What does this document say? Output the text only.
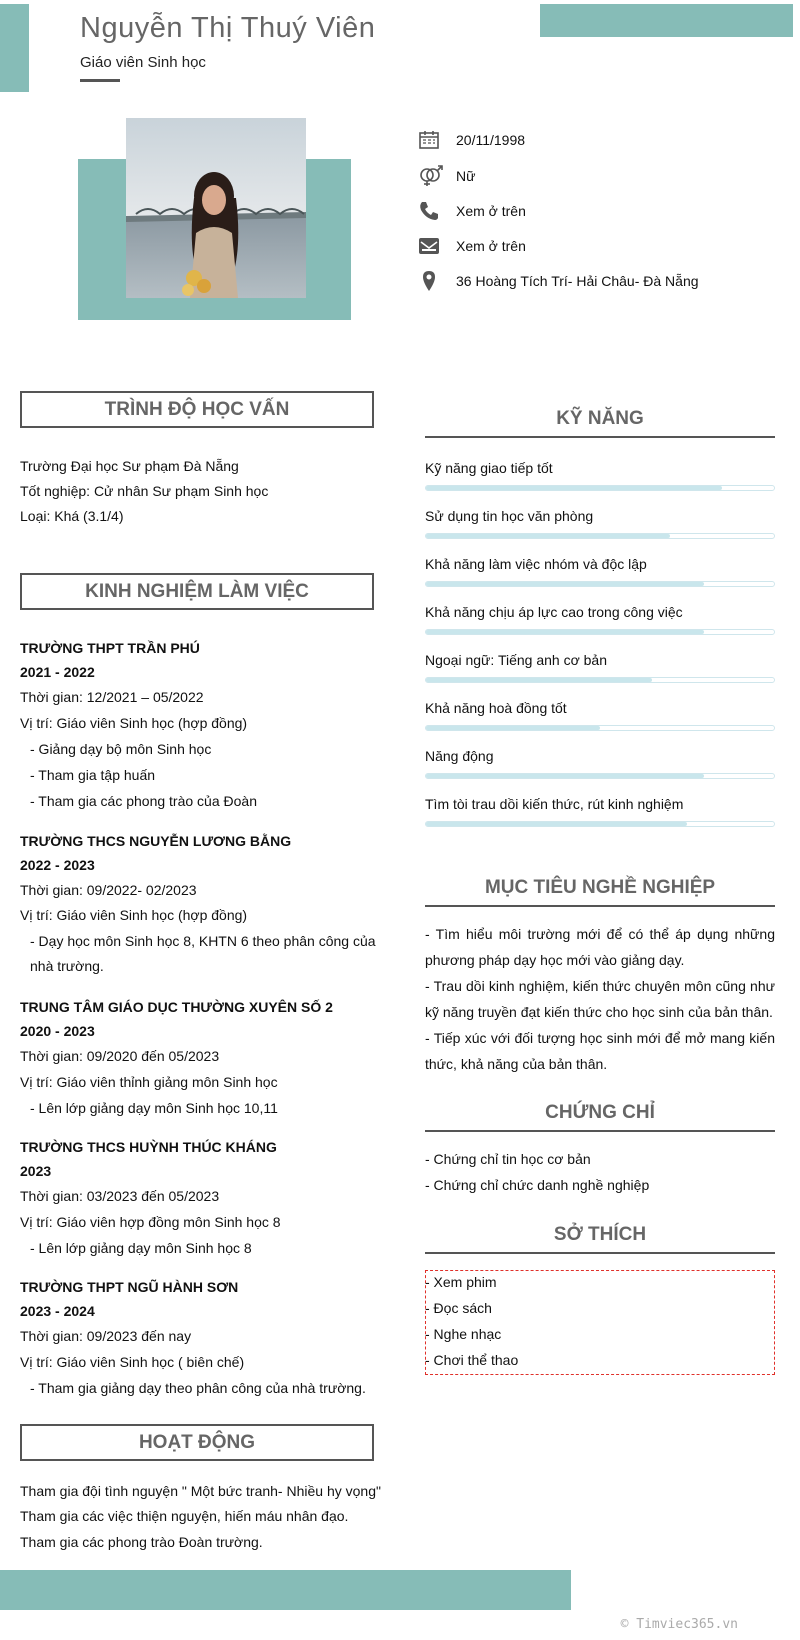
Nguyễn Thị Thuý Viên
Giáo viên Sinh học
20/11/1998
Nữ
Xem ở trên
Xem ở trên
36 Hoàng Tích Trí- Hải Châu- Đà Nẵng
TRÌNH ĐỘ HỌC VẤN
Trường Đại học Sư phạm Đà Nẵng
Tốt nghiệp: Cử nhân Sư phạm Sinh học
Loại: Khá (3.1/4)
KINH NGHIỆM LÀM VIỆC
TRƯỜNG THPT TRẦN PHÚ
2021 - 2022
Thời gian: 12/2021 – 05/2022
Vị trí: Giáo viên Sinh học (hợp đồng)
- Giảng dạy bộ môn Sinh học
- Tham gia tập huấn
- Tham gia các phong trào của Đoàn
TRƯỜNG THCS NGUYỄN LƯƠNG BẰNG
2022 - 2023
Thời gian: 09/2022- 02/2023
Vị trí: Giáo viên Sinh học (hợp đồng)
- Dạy học môn Sinh học 8, KHTN 6 theo phân công của
nhà trường.
TRUNG TÂM GIÁO DỤC THƯỜNG XUYÊN SỐ 2
2020 - 2023
Thời gian: 09/2020 đến 05/2023
Vị trí: Giáo viên thỉnh giảng môn Sinh học
- Lên lớp giảng dạy môn Sinh học 10,11
TRƯỜNG THCS HUỲNH THÚC KHÁNG
2023
Thời gian: 03/2023 đến 05/2023
Vị trí: Giáo viên hợp đồng môn Sinh học 8
- Lên lớp giảng dạy môn Sinh học 8
TRƯỜNG THPT NGŨ HÀNH SƠN
2023 - 2024
Thời gian: 09/2023 đến nay
Vị trí: Giáo viên Sinh học ( biên chế)
- Tham gia giảng dạy theo phân công của nhà trường.
HOẠT ĐỘNG
Tham gia đội tình nguyện " Một bức tranh- Nhiều hy vọng"
Tham gia các việc thiện nguyện, hiến máu nhân đạo.
Tham gia các phong trào Đoàn trường.
KỸ NĂNG
Kỹ năng giao tiếp tốt
Sử dụng tin học văn phòng
Khả năng làm việc nhóm và độc lập
Khả năng chịu áp lực cao trong công việc
Ngoại ngữ: Tiếng anh cơ bản
Khả năng hoà đồng tốt
Năng động
Tìm tòi trau dồi kiến thức, rút kinh nghiệm
MỤC TIÊU NGHỀ NGHIỆP
- Tìm hiểu môi trường mới để có thể áp dụng những phương pháp dạy học mới vào giảng dạy.
- Trau dồi kinh nghiệm, kiến thức chuyên môn cũng như kỹ năng truyền đạt kiến thức cho học sinh của bản thân.
- Tiếp xúc với đối tượng học sinh mới để mở mang kiến thức, khả năng của bản thân.
CHỨNG CHỈ
- Chứng chỉ tin học cơ bản
- Chứng chỉ chức danh nghề nghiệp
SỞ THÍCH
- Xem phim
- Đọc sách
- Nghe nhạc
- Chơi thể thao
© Timviec365.vn
